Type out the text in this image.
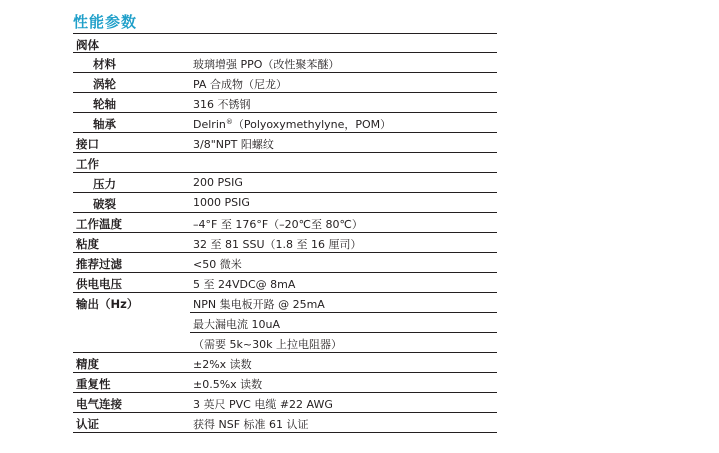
性能参数
阀体
材料	玻璃增强 PPO（改性聚苯醚）
涡轮	PA 合成物（尼龙）
轮轴	316 不锈钢
轴承	Delrin®（Polyoxymethylyne，POM）
接口	3/8"NPT 阳螺纹
工作
压力	200 PSIG
破裂	1000 PSIG
工作温度	–4°F 至 176°F（–20℃至 80℃）
粘度	32 至 81 SSU（1.8 至 16 厘司）
推荐过滤	<50 微米
供电电压	5 至 24VDC@ 8mA
输出（Hz）	NPN 集电板开路 @ 25mA
最大漏电流 10uA
（需要 5k~30k 上拉电阻器）
精度	±2%x 读数
重复性	±0.5%x 读数
电气连接	3 英尺 PVC 电缆 #22 AWG
认证	获得 NSF 标准 61 认证
